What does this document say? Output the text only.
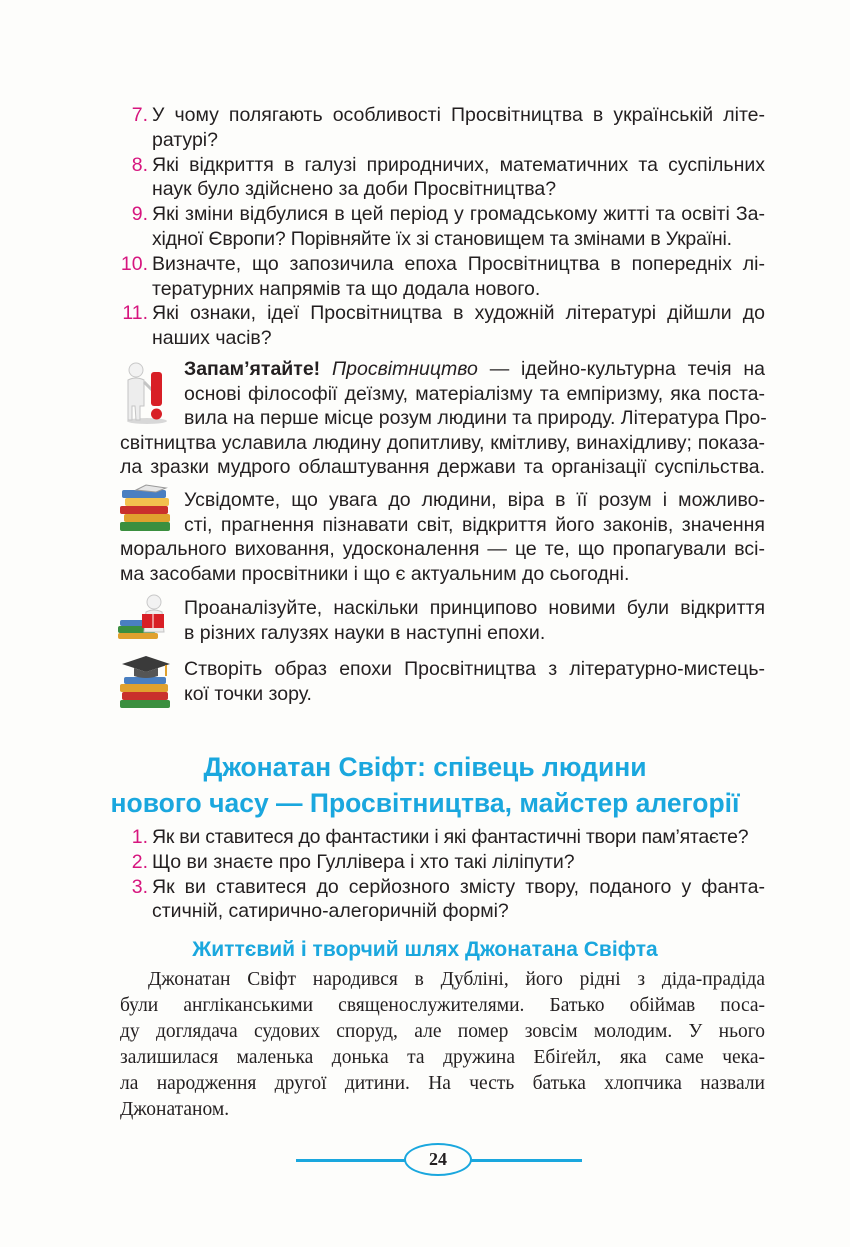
7. У чому полягають особливості Просвітництва в українській літе-
ратурі?
8. Які відкриття в галузі природничих, математичних та суспільних
наук було здійснено за доби Просвітництва?
9. Які зміни відбулися в цей період у громадському житті та освіті За-
хідної Європи? Порівняйте їх зі становищем та змінами в Україні.
10. Визначте, що запозичила епоха Просвітництва в попередніх лі-
тературних напрямів та що додала нового.
11. Які ознаки, ідеї Просвітництва в художній літературі дійшли до
наших часів?
Запам’ятайте! Просвітництво — ідейно-культурна течія на
основі філософії деїзму, матеріалізму та емпіризму, яка поста-
вила на перше місце розум людини та природу. Література Про-
світництва уславила людину допитливу, кмітливу, винахідливу; показа-
ла зразки мудрого облаштування держави та організації суспільства.
Усвідомте, що увага до людини, віра в її розум і можливо-
сті, прагнення пізнавати світ, відкриття його законів, значення
морального виховання, удосконалення — це те, що пропагували всі-
ма засобами просвітники і що є актуальним до сьогодні.
Проаналізуйте, наскільки принципово новими були відкриття
в різних галузях науки в наступні епохи.
Створіть образ епохи Просвітництва з літературно-мистець-
кої точки зору.
Джонатан Свіфт: співець людини
нового часу — Просвітництва, майстер алегорії
1. Як ви ставитеся до фантастики і які фантастичні твори пам’ятаєте?
2. Що ви знаєте про Гуллівера і хто такі ліліпути?
3. Як ви ставитеся до серйозного змісту твору, поданого у фанта-
стичній, сатирично-алегоричній формі?
Життєвий і творчий шлях Джонатана Свіфта
Джонатан Свіфт народився в Дубліні, його рідні з діда-прадіда
були англіканськими священослужителями. Батько обіймав поса-
ду доглядача судових споруд, але помер зовсім молодим. У нього
залишилася маленька донька та дружина Ебіґейл, яка саме чека-
ла народження другої дитини. На честь батька хлопчика назвали
Джонатаном.
24
